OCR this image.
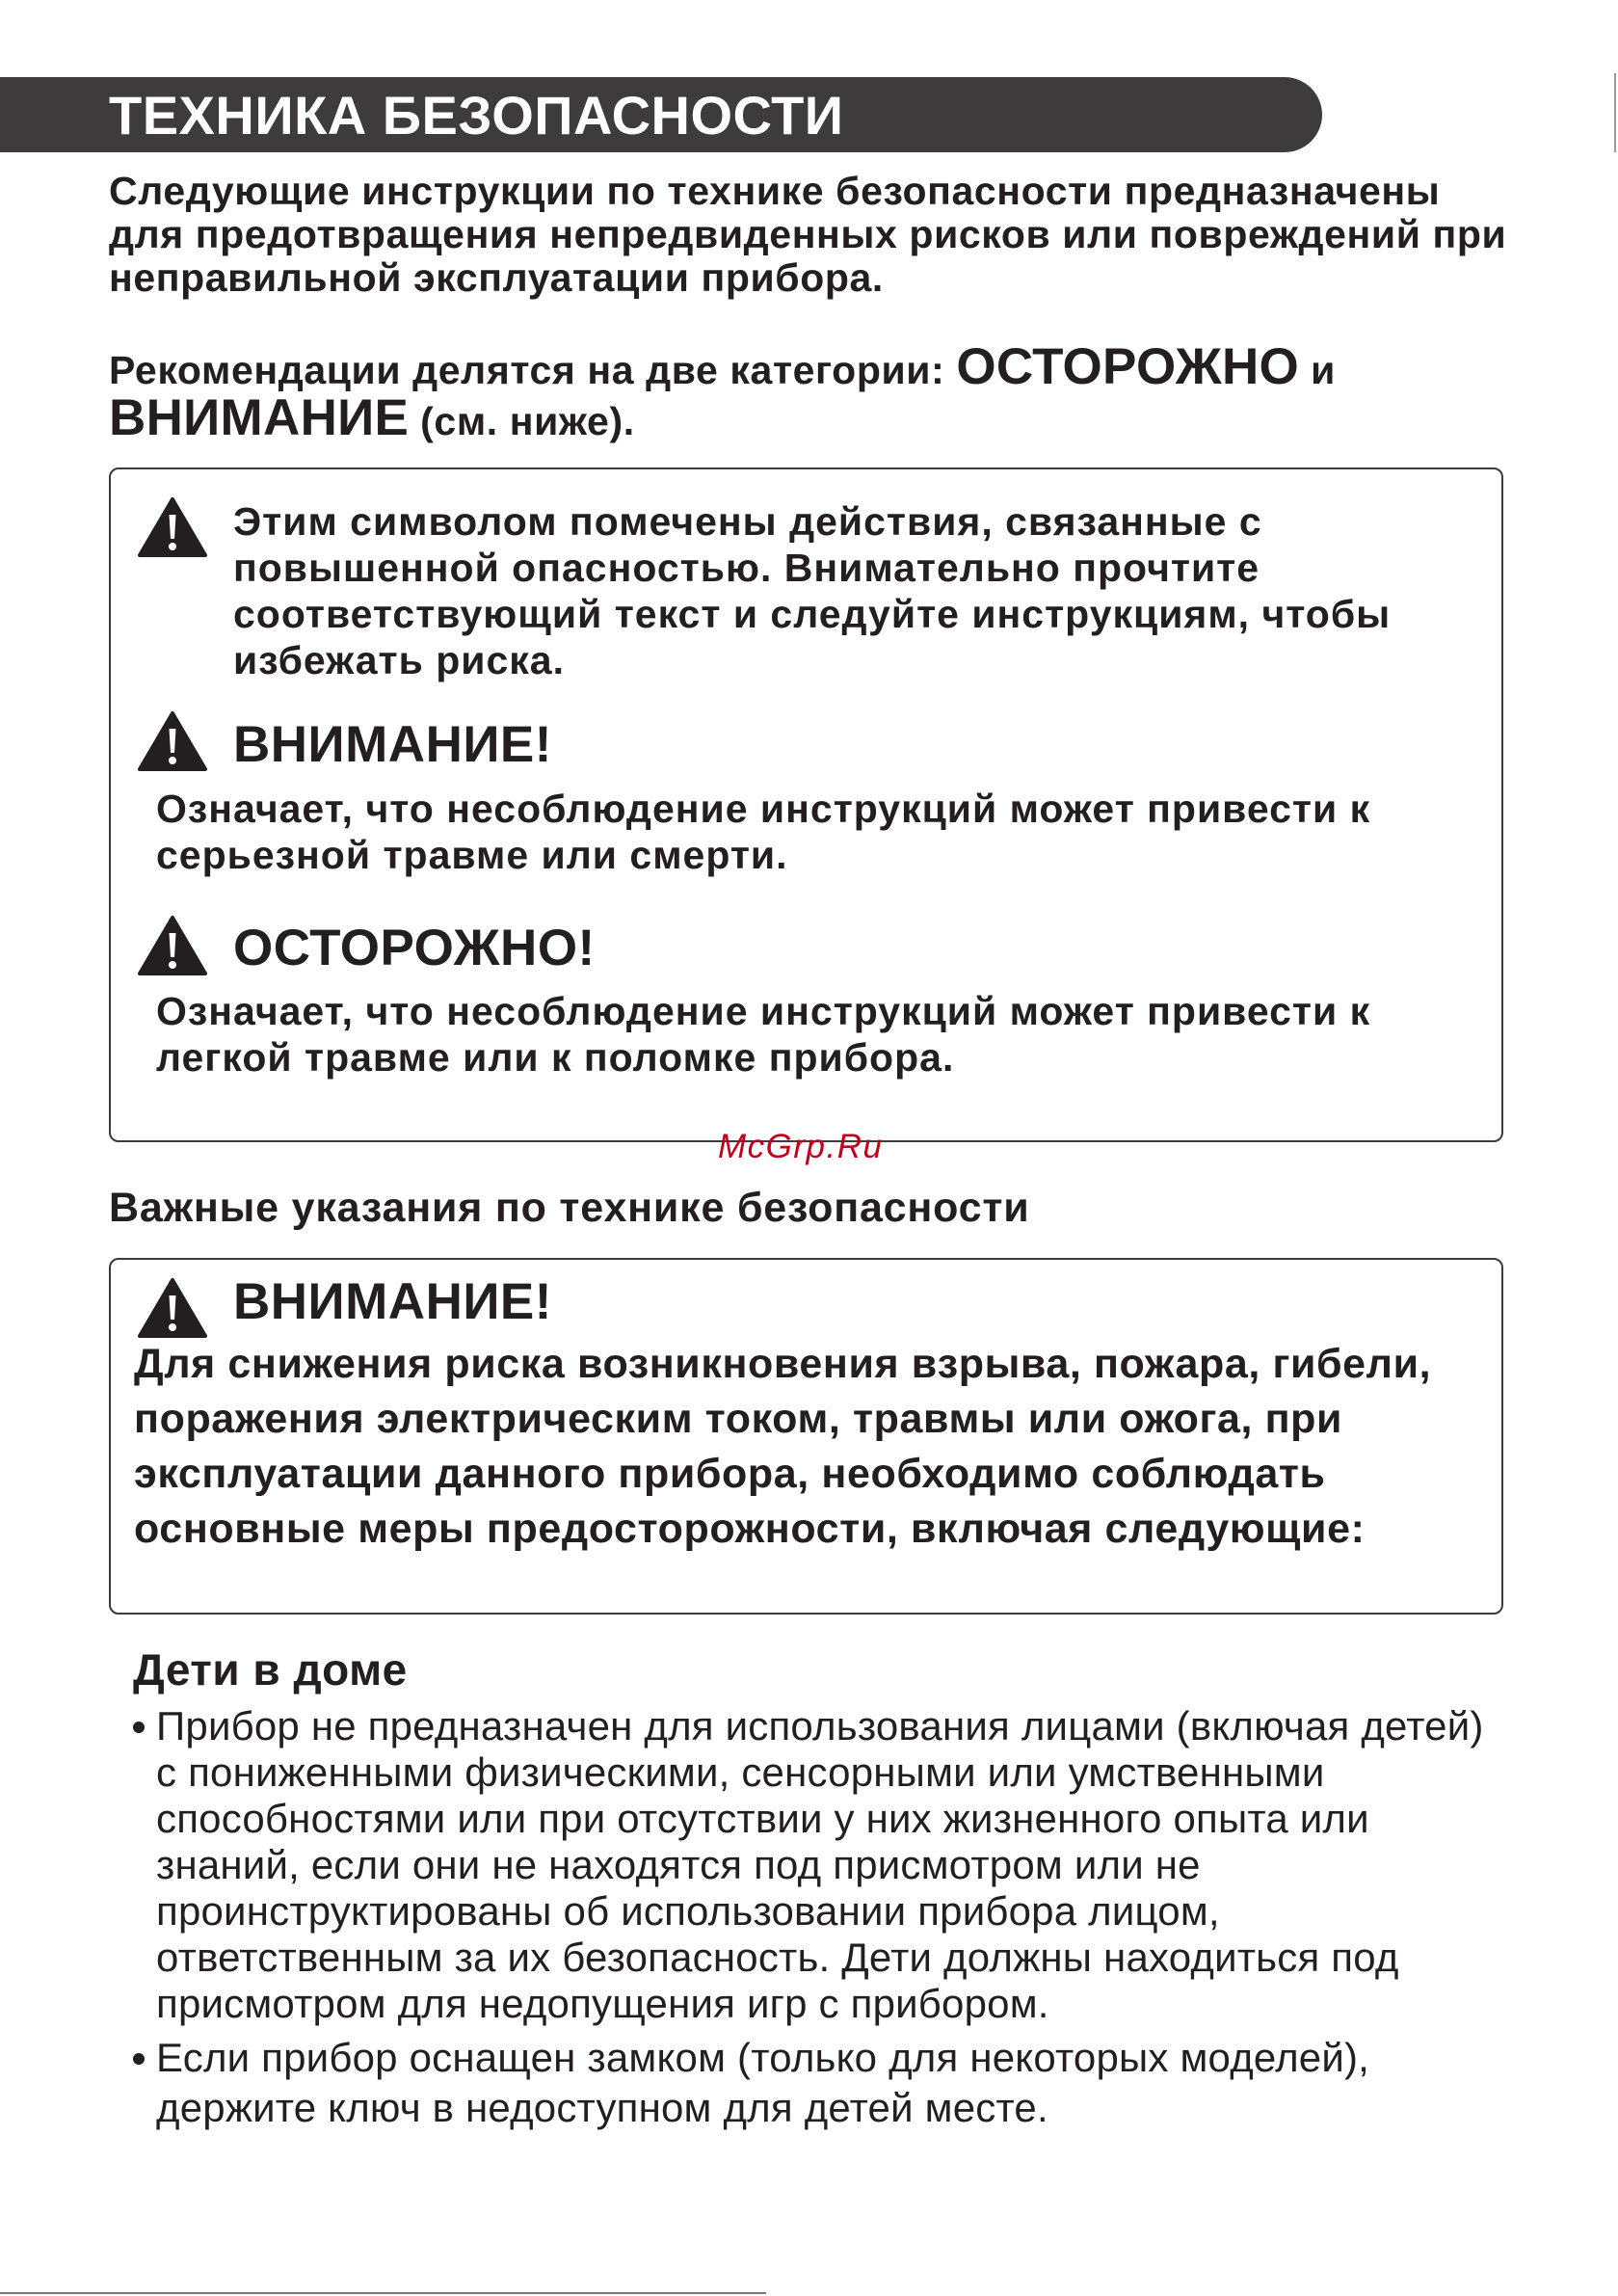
ТЕХНИКА БЕЗОПАСНОСТИ
Следующие инструкции по технике безопасности предназначены для предотвращения непредвиденных рисков или повреждений при неправильной эксплуатации прибора.
Рекомендации делятся на две категории: ОСТОРОЖНО и
ВНИМАНИЕ (см. ниже).
Этим символом помечены действия, связанные с повышенной опасностью. Внимательно прочтите соответствующий текст и следуйте инструкциям, чтобы избежать риска.
ВНИМАНИЕ!
Означает, что несоблюдение инструкций может привести к серьезной травме или смерти.
ОСТОРОЖНО!
Означает, что несоблюдение инструкций может привести к легкой травме или к поломке прибора.
McGrp.Ru
Важные указания по технике безопасности
ВНИМАНИЕ!
Для снижения риска возникновения взрыва, пожара, гибели, поражения электрическим током, травмы или ожога, при эксплуатации данного прибора, необходимо соблюдать основные меры предосторожности, включая следующие:
Дети в доме
Прибор не предназначен для использования лицами (включая детей) с пониженными физическими, сенсорными или умственными способностями или при отсутствии у них жизненного опыта или знаний, если они не находятся под присмотром или не проинструктированы об использовании прибора лицом, ответственным за их безопасность. Дети должны находиться под присмотром для недопущения игр с прибором.
Если прибор оснащен замком (только для некоторых моделей), держите ключ в недоступном для детей месте.
